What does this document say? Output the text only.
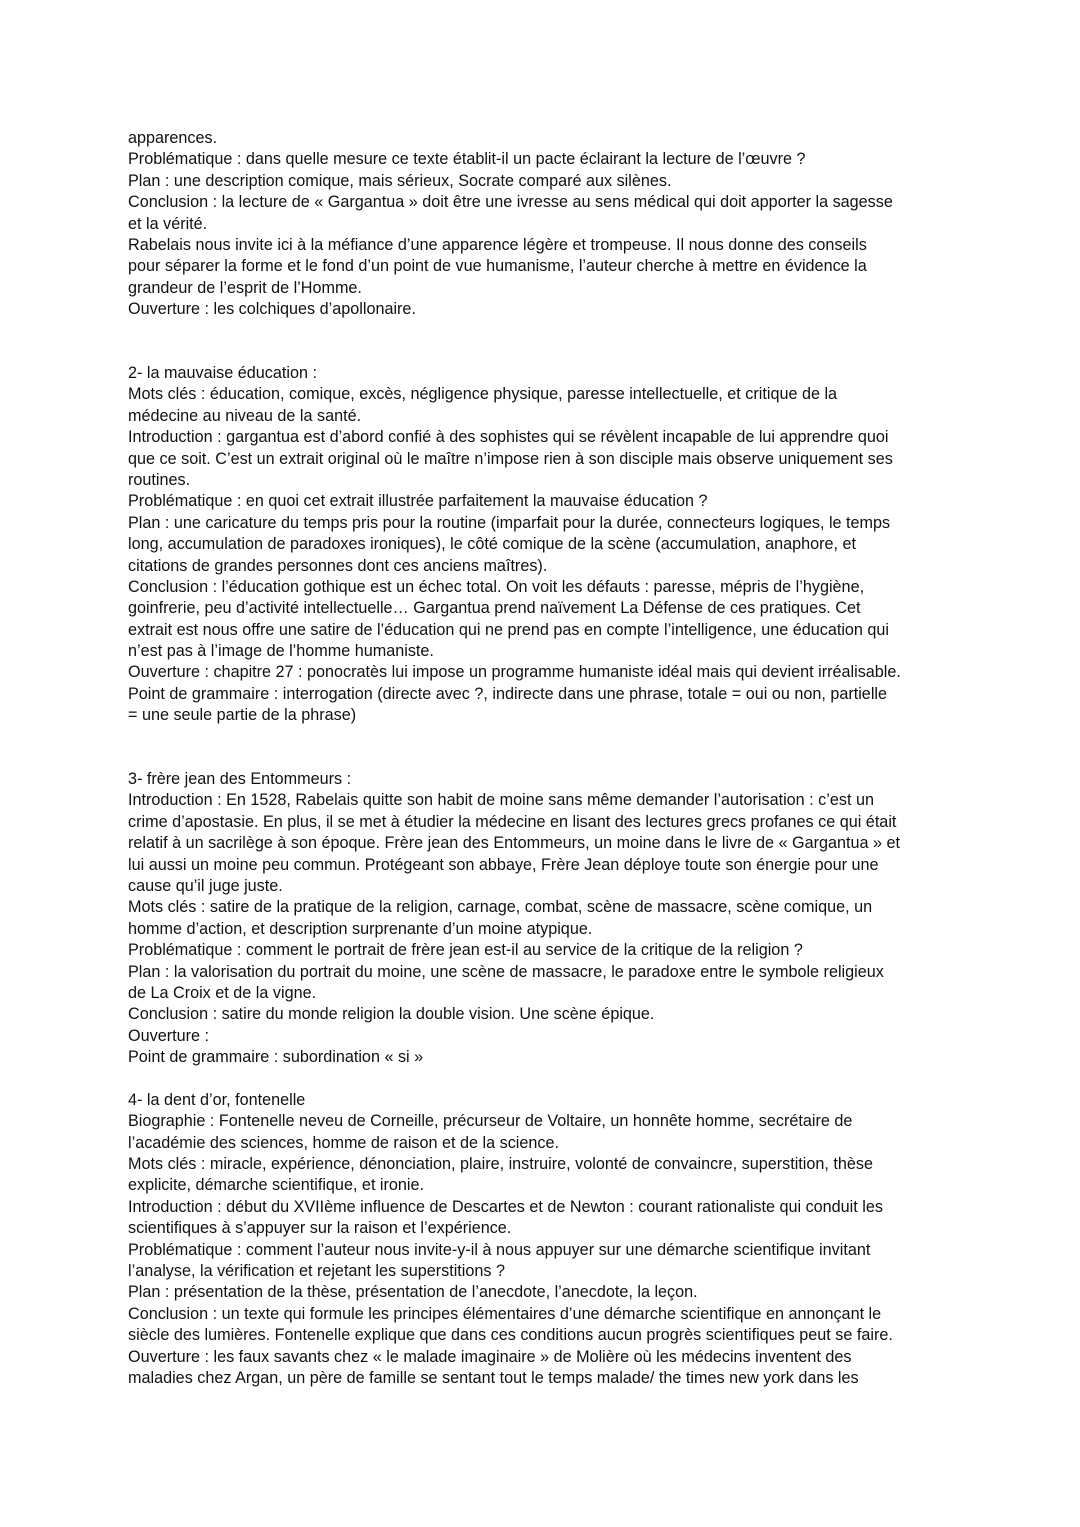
apparences.
Problématique : dans quelle mesure ce texte établit-il un pacte éclairant la lecture de l’œuvre ?
Plan : une description comique, mais sérieux, Socrate comparé aux silènes.
Conclusion : la lecture de « Gargantua » doit être une ivresse au sens médical qui doit apporter la sagesse
et la vérité.
Rabelais nous invite ici à la méfiance d’une apparence légère et trompeuse. Il nous donne des conseils
pour séparer la forme et le fond d’un point de vue humanisme, l’auteur cherche à mettre en évidence la
grandeur de l’esprit de l’Homme.
Ouverture : les colchiques d’apollonaire.
2- la mauvaise éducation :
Mots clés : éducation, comique, excès, négligence physique, paresse intellectuelle, et critique de la
médecine au niveau de la santé.
Introduction : gargantua est d’abord confié à des sophistes qui se révèlent incapable de lui apprendre quoi
que ce soit. C’est un extrait original où le maître n’impose rien à son disciple mais observe uniquement ses
routines.
Problématique : en quoi cet extrait illustrée parfaitement la mauvaise éducation ?
Plan : une caricature du temps pris pour la routine (imparfait pour la durée, connecteurs logiques, le temps
long, accumulation de paradoxes ironiques), le côté comique de la scène (accumulation, anaphore, et
citations de grandes personnes dont ces anciens maîtres).
Conclusion : l’éducation gothique est un échec total. On voit les défauts : paresse, mépris de l’hygiène,
goinfrerie, peu d’activité intellectuelle… Gargantua prend naïvement La Défense de ces pratiques. Cet
extrait est nous offre une satire de l’éducation qui ne prend pas en compte l’intelligence, une éducation qui
n’est pas à l’image de l’homme humaniste.
Ouverture : chapitre 27 : ponocratès lui impose un programme humaniste idéal mais qui devient irréalisable.
Point de grammaire : interrogation (directe avec ?, indirecte dans une phrase, totale = oui ou non, partielle
= une seule partie de la phrase)
3- frère jean des Entommeurs :
Introduction : En 1528, Rabelais quitte son habit de moine sans même demander l’autorisation : c’est un
crime d’apostasie. En plus, il se met à étudier la médecine en lisant des lectures grecs profanes ce qui était
relatif à un sacrilège à son époque. Frère jean des Entommeurs, un moine dans le livre de « Gargantua » et
lui aussi un moine peu commun. Protégeant son abbaye, Frère Jean déploye toute son énergie pour une
cause qu’il juge juste.
Mots clés : satire de la pratique de la religion, carnage, combat, scène de massacre, scène comique, un
homme d’action, et description surprenante d’un moine atypique.
Problématique : comment le portrait de frère jean est-il au service de la critique de la religion ?
Plan : la valorisation du portrait du moine, une scène de massacre, le paradoxe entre le symbole religieux
de La Croix et de la vigne.
Conclusion : satire du monde religion la double vision. Une scène épique.
Ouverture :
Point de grammaire : subordination « si »
4- la dent d’or, fontenelle
Biographie : Fontenelle neveu de Corneille, précurseur de Voltaire, un honnête homme, secrétaire de
l’académie des sciences, homme de raison et de la science.
Mots clés : miracle, expérience, dénonciation, plaire, instruire, volonté de convaincre, superstition, thèse
explicite, démarche scientifique, et ironie.
Introduction : début du XVIIème influence de Descartes et de Newton : courant rationaliste qui conduit les
scientifiques à s’appuyer sur la raison et l’expérience.
Problématique : comment l’auteur nous invite-y-il à nous appuyer sur une démarche scientifique invitant
l’analyse, la vérification et rejetant les superstitions ?
Plan : présentation de la thèse, présentation de l’anecdote, l’anecdote, la leçon.
Conclusion : un texte qui formule les principes élémentaires d’une démarche scientifique en annonçant le
siècle des lumières. Fontenelle explique que dans ces conditions aucun progrès scientifiques peut se faire.
Ouverture : les faux savants chez « le malade imaginaire » de Molière où les médecins inventent des
maladies chez Argan, un père de famille se sentant tout le temps malade/ the times new york dans les
